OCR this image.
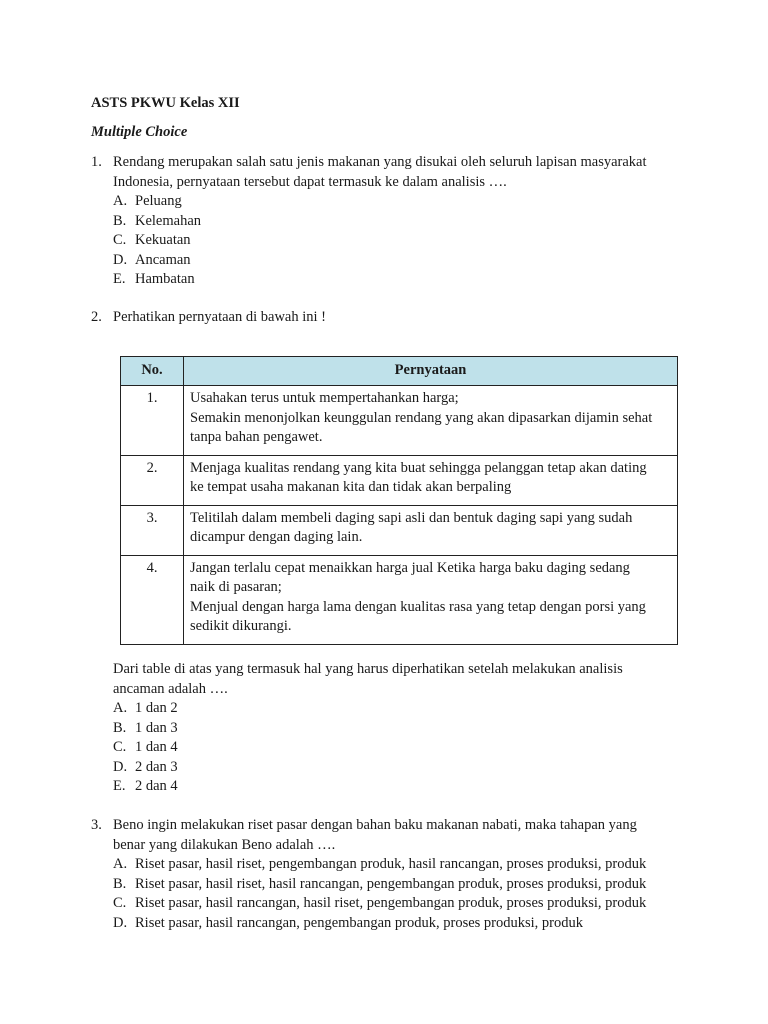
ASTS PKWU Kelas XII
Multiple Choice
1. Rendang merupakan salah satu jenis makanan yang disukai oleh seluruh lapisan masyarakat
Indonesia, pernyataan tersebut dapat termasuk ke dalam analisis ….
A. Peluang
B. Kelemahan
C. Kekuatan
D. Ancaman
E. Hambatan
2. Perhatikan pernyataan di bawah ini !
No.	Pernyataan
1.	Usahakan terus untuk mempertahankan harga;
Semakin menonjolkan keunggulan rendang yang akan dipasarkan dijamin sehat
tanpa bahan pengawet.

2.	Menjaga kualitas rendang yang kita buat sehingga pelanggan tetap akan dating
ke tempat usaha makanan kita dan tidak akan berpaling

3.	Telitilah dalam membeli daging sapi asli dan bentuk daging sapi yang sudah
dicampur dengan daging lain.

4.	Jangan terlalu cepat menaikkan harga jual Ketika harga baku daging sedang
naik di pasaran;
Menjual dengan harga lama dengan kualitas rasa yang tetap dengan porsi yang
sedikit dikurangi.
Dari table di atas yang termasuk hal yang harus diperhatikan setelah melakukan analisis
ancaman adalah ….
A. 1 dan 2
B. 1 dan 3
C. 1 dan 4
D. 2 dan 3
E. 2 dan 4
3. Beno ingin melakukan riset pasar dengan bahan baku makanan nabati, maka tahapan yang
benar yang dilakukan Beno adalah ….
A. Riset pasar, hasil riset, pengembangan produk, hasil rancangan, proses produksi, produk
B. Riset pasar, hasil riset, hasil rancangan, pengembangan produk, proses produksi, produk
C. Riset pasar, hasil rancangan, hasil riset, pengembangan produk, proses produksi, produk
D. Riset pasar, hasil rancangan, pengembangan produk, proses produksi, produk
